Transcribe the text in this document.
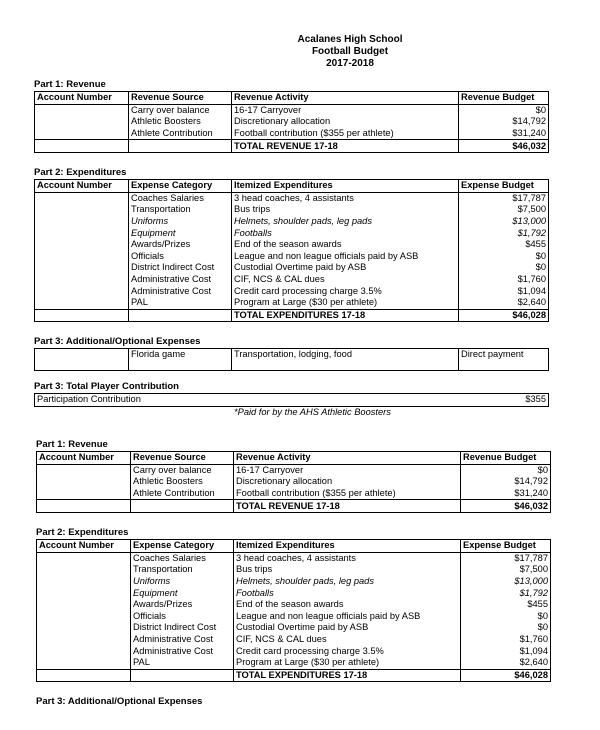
Acalanes High School
Football Budget
2017-2018
Part 1: Revenue
Account Number	Revenue Source	Revenue Activity	Revenue Budget
	Carry over balance	16-17 Carryover	$0
	Athletic Boosters	Discretionary allocation	$14,792
	Athlete Contribution	Football contribution ($355 per athlete)	$31,240
		TOTAL REVENUE 17-18	$46,032
Part 2: Expenditures
Account Number	Expense Category	Itemized Expenditures	Expense Budget
	Coaches Salaries	3 head coaches, 4 assistants	$17,787
	Transportation	Bus trips	$7,500
	Uniforms	Helmets, shoulder pads, leg pads	$13,000
	Equipment	Footballs	$1,792
	Awards/Prizes	End of the season awards	$455
	Officials	League and non league officials paid by ASB	$0
	District Indirect Cost	Custodial Overtime paid by ASB	$0
	Administrative Cost	CIF, NCS & CAL dues	$1,760
	Administrative Cost	Credit card processing charge 3.5%	$1,094
	PAL	Program at Large ($30 per athlete)	$2,640
		TOTAL EXPENDITURES 17-18	$46,028
Part 3: Additional/Optional Expenses
	Florida game	Transportation, lodging, food	Direct payment
Part 3: Total Player Contribution
Participation Contribution	$355
*Paid for by the AHS Athletic Boosters
Part 1: Revenue
Account Number	Revenue Source	Revenue Activity	Revenue Budget
	Carry over balance	16-17 Carryover	$0
	Athletic Boosters	Discretionary allocation	$14,792
	Athlete Contribution	Football contribution ($355 per athlete)	$31,240
		TOTAL REVENUE 17-18	$46,032
Part 2: Expenditures
Account Number	Expense Category	Itemized Expenditures	Expense Budget
	Coaches Salaries	3 head coaches, 4 assistants	$17,787
	Transportation	Bus trips	$7,500
	Uniforms	Helmets, shoulder pads, leg pads	$13,000
	Equipment	Footballs	$1,792
	Awards/Prizes	End of the season awards	$455
	Officials	League and non league officials paid by ASB	$0
	District Indirect Cost	Custodial Overtime paid by ASB	$0
	Administrative Cost	CIF, NCS & CAL dues	$1,760
	Administrative Cost	Credit card processing charge 3.5%	$1,094
	PAL	Program at Large ($30 per athlete)	$2,640
		TOTAL EXPENDITURES 17-18	$46,028
Part 3: Additional/Optional Expenses
